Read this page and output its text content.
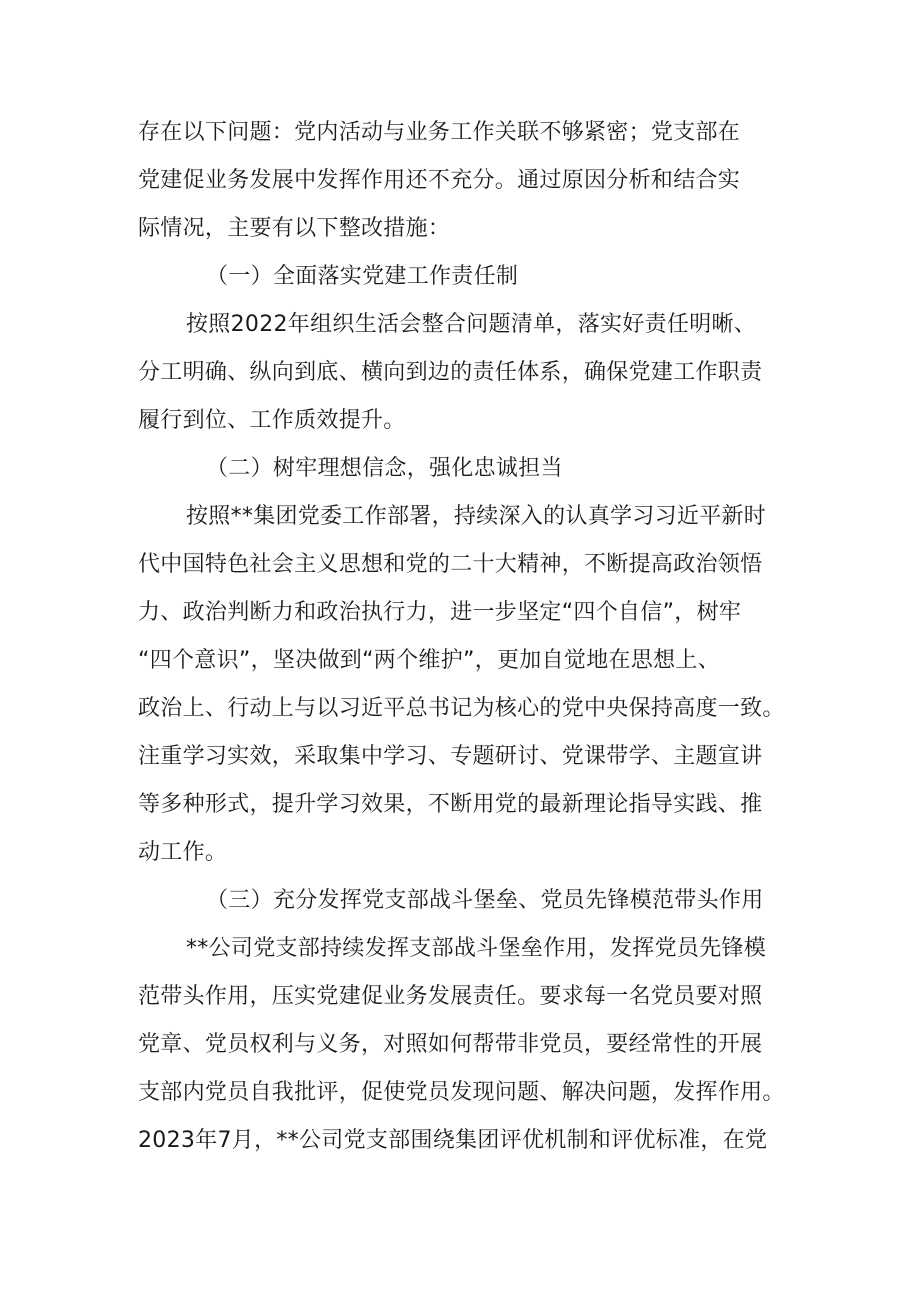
存在以下问题：党内活动与业务工作关联不够紧密；党支部在
党建促业务发展中发挥作用还不充分。通过原因分析和结合实
际情况，主要有以下整改措施：
（一）全面落实党建工作责任制
按照2022年组织生活会整合问题清单，落实好责任明晰、
分工明确、纵向到底、横向到边的责任体系，确保党建工作职责
履行到位、工作质效提升。
（二）树牢理想信念，强化忠诚担当
按照**集团党委工作部署，持续深入的认真学习习近平新时
代中国特色社会主义思想和党的二十大精神，不断提高政治领悟
力、政治判断力和政治执行力，进一步坚定“四个自信”，树牢
“四个意识”，坚决做到“两个维护”，更加自觉地在思想上、
政治上、行动上与以习近平总书记为核心的党中央保持高度一致。
注重学习实效，采取集中学习、专题研讨、党课带学、主题宣讲
等多种形式，提升学习效果，不断用党的最新理论指导实践、推
动工作。
（三）充分发挥党支部战斗堡垒、党员先锋模范带头作用
**公司党支部持续发挥支部战斗堡垒作用，发挥党员先锋模
范带头作用，压实党建促业务发展责任。要求每一名党员要对照
党章、党员权利与义务，对照如何帮带非党员，要经常性的开展
支部内党员自我批评，促使党员发现问题、解决问题，发挥作用。
2023年7月，**公司党支部围绕集团评优机制和评优标准，在党
